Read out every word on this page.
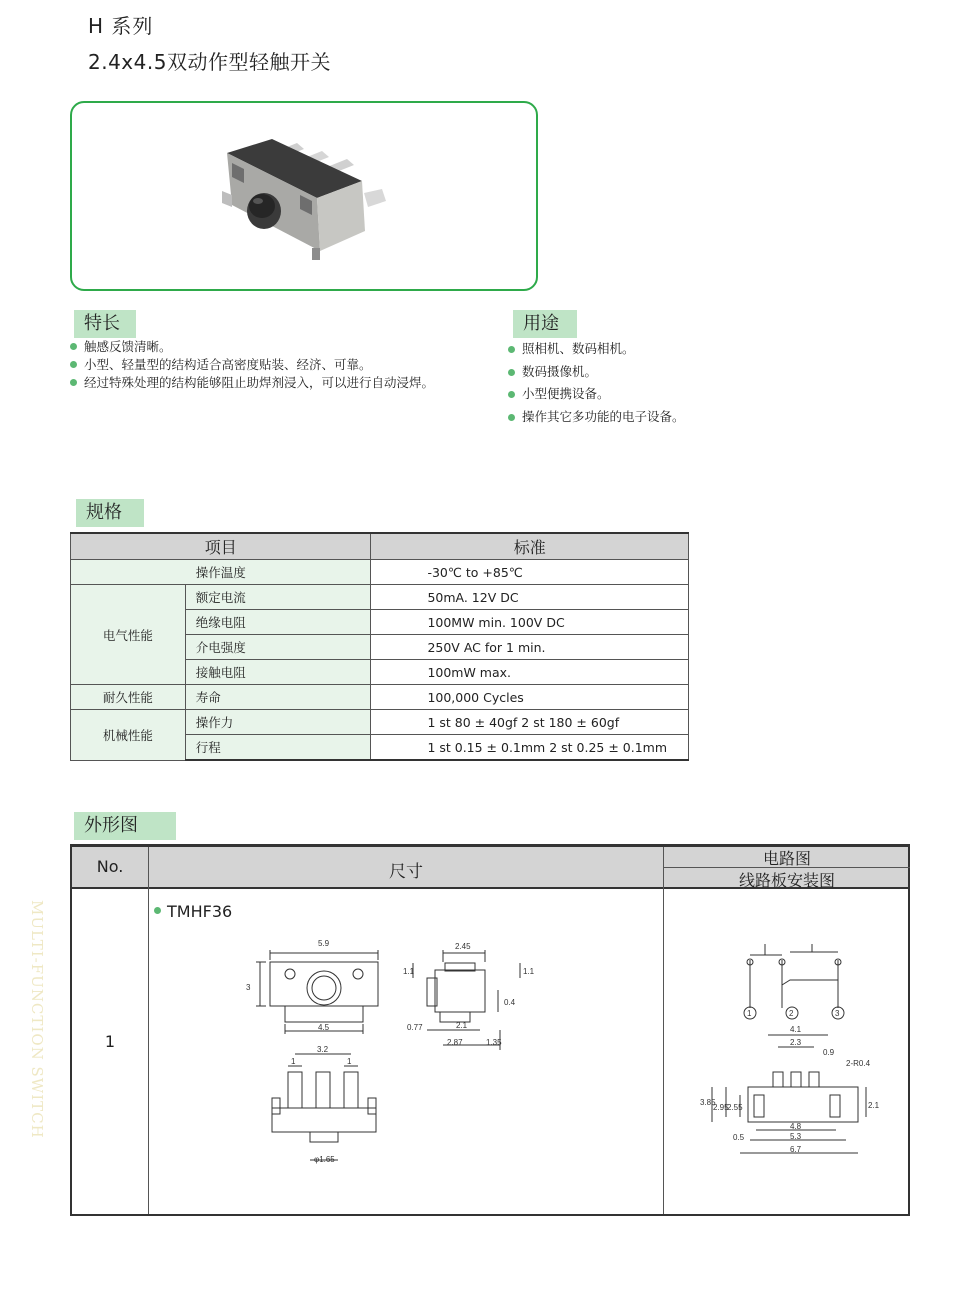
H 系列
2.4x4.5双动作型轻触开关
特长
触感反馈清晰。
小型、轻量型的结构适合高密度贴装、经济、可靠。
经过特殊处理的结构能够阻止助焊剂浸入，可以进行自动浸焊。
用途
照相机、数码相机。
数码摄像机。
小型便携设备。
操作其它多功能的电子设备。
规格
项目		标准
操作温度		-30℃ to +85℃
电气性能	额定电流	50mA. 12V DC
	绝缘电阻	100MW min. 100V DC
	介电强度	250V AC for 1 min.
	接触电阻	100mW max.
耐久性能	寿命	100,000 Cycles
机械性能	操作力	1 st 80 ± 40gf 2 st 180 ± 60gf
	行程	1 st 0.15 ± 0.1mm 2 st 0.25 ± 0.1mm
外形图
No.	尺寸
电路图
线路板安装图
1
TMHF36
5.9
3
4.5
2.45
1.1	1.1
0.4
0.77	2.1
2.87	1.35
3.2
1	1
φ1.65
1	2	3
4.1
2.3
0.9
2-R0.4
3.85
2.95
2.55	2.1
0.5
4.8
5.3
6.7
MULTI-FUNCTION SWITCH
